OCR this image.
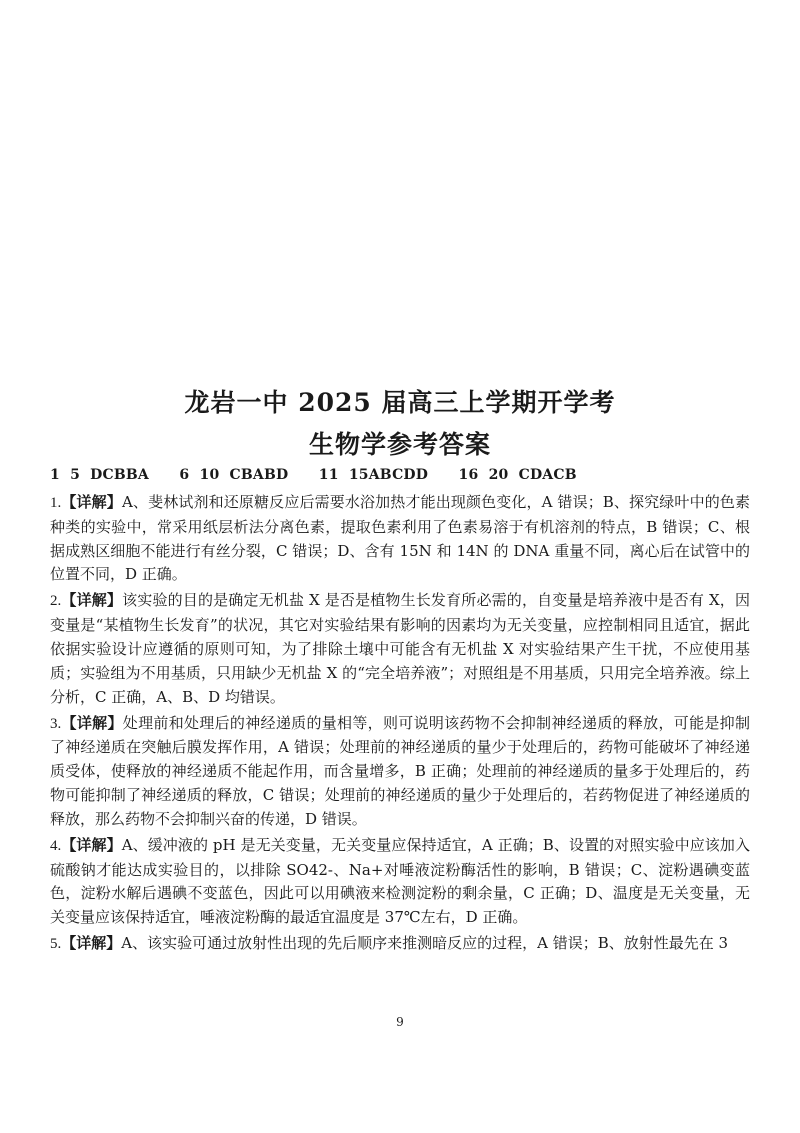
龙岩一中 2025 届高三上学期开学考
生物学参考答案

1  5  DCBBA      6  10  CBABD      11  15ABCDD      16  20  CDACB

1.【详解】A、斐林试剂和还原糖反应后需要水浴加热才能出现颜色变化，A 错误；B、探究绿叶中的色素种类的实验中，常采用纸层析法分离色素，提取色素利用了色素易溶于有机溶剂的特点，B 错误；C、根据成熟区细胞不能进行有丝分裂，C 错误；D、含有 15N 和 14N 的 DNA 重量不同，离心后在试管中的位置不同，D 正确。

2.【详解】该实验的目的是确定无机盐 X 是否是植物生长发育所必需的，自变量是培养液中是否有 X，因变量是“某植物生长发育”的状况，其它对实验结果有影响的因素均为无关变量，应控制相同且适宜，据此依据实验设计应遵循的原则可知，为了排除土壤中可能含有无机盐 X 对实验结果产生干扰，不应使用基质；实验组为不用基质，只用缺少无机盐 X 的“完全培养液”；对照组是不用基质，只用完全培养液。综上分析，C 正确，A、B、D 均错误。

3.【详解】处理前和处理后的神经递质的量相等，则可说明该药物不会抑制神经递质的释放，可能是抑制了神经递质在突触后膜发挥作用，A 错误；处理前的神经递质的量少于处理后的，药物可能破坏了神经递质受体，使释放的神经递质不能起作用，而含量增多，B 正确；处理前的神经递质的量多于处理后的，药物可能抑制了神经递质的释放，C 错误；处理前的神经递质的量少于处理后的，若药物促进了神经递质的释放，那么药物不会抑制兴奋的传递，D 错误。

4.【详解】A、缓冲液的 pH 是无关变量，无关变量应保持适宜，A 正确；B、设置的对照实验中应该加入硫酸钠才能达成实验目的，以排除 SO42-、Na+对唾液淀粉酶活性的影响，B 错误；C、淀粉遇碘变蓝色，淀粉水解后遇碘不变蓝色，因此可以用碘液来检测淀粉的剩余量，C 正确；D、温度是无关变量，无关变量应该保持适宜，唾液淀粉酶的最适宜温度是 37℃左右，D 正确。

5.【详解】A、该实验可通过放射性出现的先后顺序来推测暗反应的过程，A 错误；B、放射性最先在 3

9
